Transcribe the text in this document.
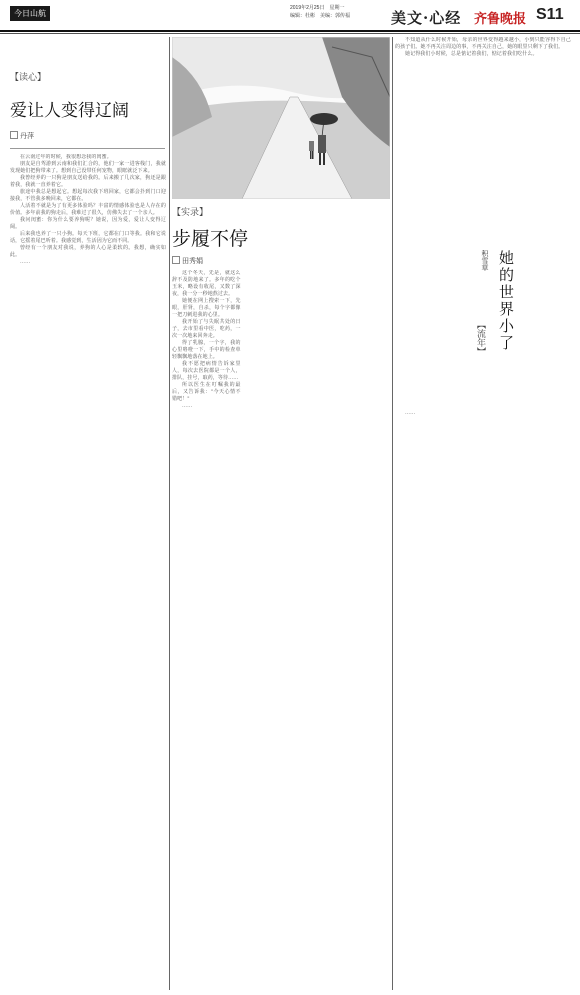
今日山航
2019年2月25日　星期一
编辑：杜彬　美编：郭传福	美文·心经 齐鲁晚报 S11
【读心】
爱让人变得辽阔
丹萍

在云南过年的时候，我很想念我的闺蜜。

朋友是自驾游到云南和我们汇合的，他们一家一进客栈门，我就发现她们把狗带来了。想到自己没带任何宠物，眼眶就泛下来。

我曾经养的一只狗是朋友送给我的。后来搬了几次家，狗还是跟着我，我就一直养着它。

旅途中我总是想起它。想起每次我下班回家，它都会扑到门口迎接我，不管我多晚回来，它都在。

人活着不就是为了有更多体验吗？丰富的情感体验也是人存在的价值。多年前我的狗走后，我难过了很久，仿佛失去了一个亲人。

我问闺蜜：你为什么要养狗呢？她说，因为爱，爱让人变得辽阔。

后来我也养了一只小狗。每天下班，它都在门口等我。我和它说话，它摇着尾巴听着。我感觉到，生活因为它而不同。

曾经有一个朋友对我说，养狗的人心是柔软的。我想，确实如此。

……

【实录】
步履不停
田秀娟

这个冬天，先是，就这么辞不及防地来了。多年的吃个玉米，略设有收尾，又数了深夜，我一分一秒地熬过去。

她便在网上搜索一下，先眼，肝肾，自杀，每个字都像一把刀刺进我的心里。

我开始了与失眠共处的日子，去市里看中医，吃药，一次一次地来回奔走。

得了乳腺，一个字，我的心里咯噔一下，手中的检查单轻飘飘地落在地上。

我不愿把病情告诉家里人，每次去医院都是一个人，排队，挂号，取药，等待……

所以医生在叮嘱我的最后，又告诉我："今天心情不错吧！"

……

【流年】 她的世界小了
积雪草

不知道从什么时候开始，母亲的世界变得越来越小，小到只能容得下自己的孩子们。她不再关注周边的事，不再关注自己，她的眼里只剩下了我们。

她记得我们小时候，总是惦记着我们，惦记着我们吃什么。

……
